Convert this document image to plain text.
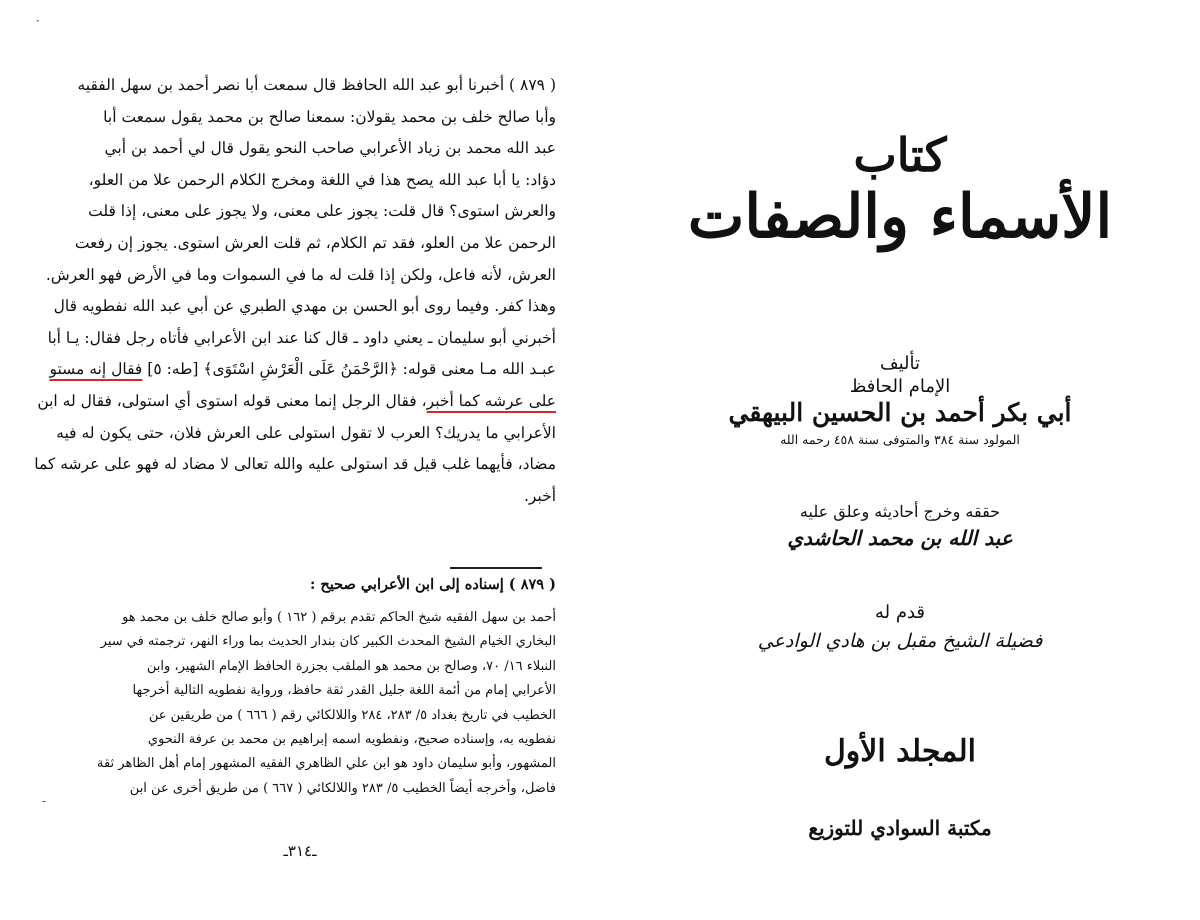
( ٨٧٩ ) أخبرنا أبو عبد الله الحافظ قال سمعت أبا نصر أحمد بن سهل الفقيه
وأبا صالح خلف بن محمد يقولان: سمعنا صالح بن محمد يقول سمعت أبا
عبد الله محمد بن زياد الأعرابي صاحب النحو يقول قال لي أحمد بن أبي
دؤاد: يا أبا عبد الله يصح هذا في اللغة ومخرج الكلام الرحمن علا من العلو،
والعرش استوى؟ قال قلت: يجوز على معنى، ولا يجوز على معنى، إذا قلت
الرحمن علا من العلو، فقد تم الكلام، ثم قلت العرش استوى. يجوز إن رفعت
العرش، لأنه فاعل، ولكن إذا قلت له ما في السموات وما في الأرض فهو العرش.
وهذا كفر. وفيما روى أبو الحسن بن مهدي الطبري عن أبي عبد الله نفطويه قال
أخبرني أبو سليمان ـ يعني داود ـ قال كنا عند ابن الأعرابي فأتاه رجل فقال: يـا أبا
عبـد الله مـا معنى قوله: ﴿الرَّحْمَنُ عَلَى الْعَرْشِ اسْتَوَى﴾ [طه: ٥] فقال إنه مستو
على عرشه كما أخبر، فقال الرجل إنما معنى قوله استوى أي استولى، فقال له ابن
الأعرابي ما يدريك؟ العرب لا تقول استولى على العرش فلان، حتى يكون له فيه
مضاد، فأيهما غلب قيل قد استولى عليه والله تعالى لا مضاد له فهو على عرشه كما
أخبر.
( ٨٧٩ ) إسناده إلى ابن الأعرابي صحيح :
أحمد بن سهل الفقيه شيخ الحاكم تقدم برقم ( ١٦٢ ) وأبو صالح خلف بن محمد هو
البخاري الخيام الشيخ المحدث الكبير كان بندار الحديث بما وراء النهر، ترجمته في سير
النبلاء ١٦/ ٧٠، وصالح بن محمد هو الملقب بجزرة الحافظ الإمام الشهير، وابن
الأعرابي إمام من أئمة اللغة جليل القدر ثقة حافظ، ورواية نفطويه التالية أخرجها
الخطيب في تاريخ بغداد ٥/ ٢٨٣، ٢٨٤ واللالكائي رقم ( ٦٦٦ ) من طريقين عن
نفطويه به، وإسناده صحيح، ونفطويه اسمه إبراهيم بن محمد بن عرفة النحوي
المشهور، وأبو سليمان داود هو ابن علي الظاهري الفقيه المشهور إمام أهل الظاهر ثقة
فاضل، وأخرجه أيضاً الخطيب ٥/ ٢٨٣ واللالكائي ( ٦٦٧ ) من طريق أخرى عن ابن
ـ٣١٤ـ
·
-
كتاب
الأسماء والصفات
تأليف
الإمام الحافظ
أبي بكر أحمد بن الحسين البيهقي
المولود سنة ٣٨٤ والمتوفى سنة ٤٥٨ رحمه الله
حققه وخرج أحاديثه وعلق عليه
عبد الله بن محمد الحاشدي
قدم له
فضيلة الشيخ مقبل بن هادي الوادعي
المجلد الأول
مكتبة السوادي للتوزيع
